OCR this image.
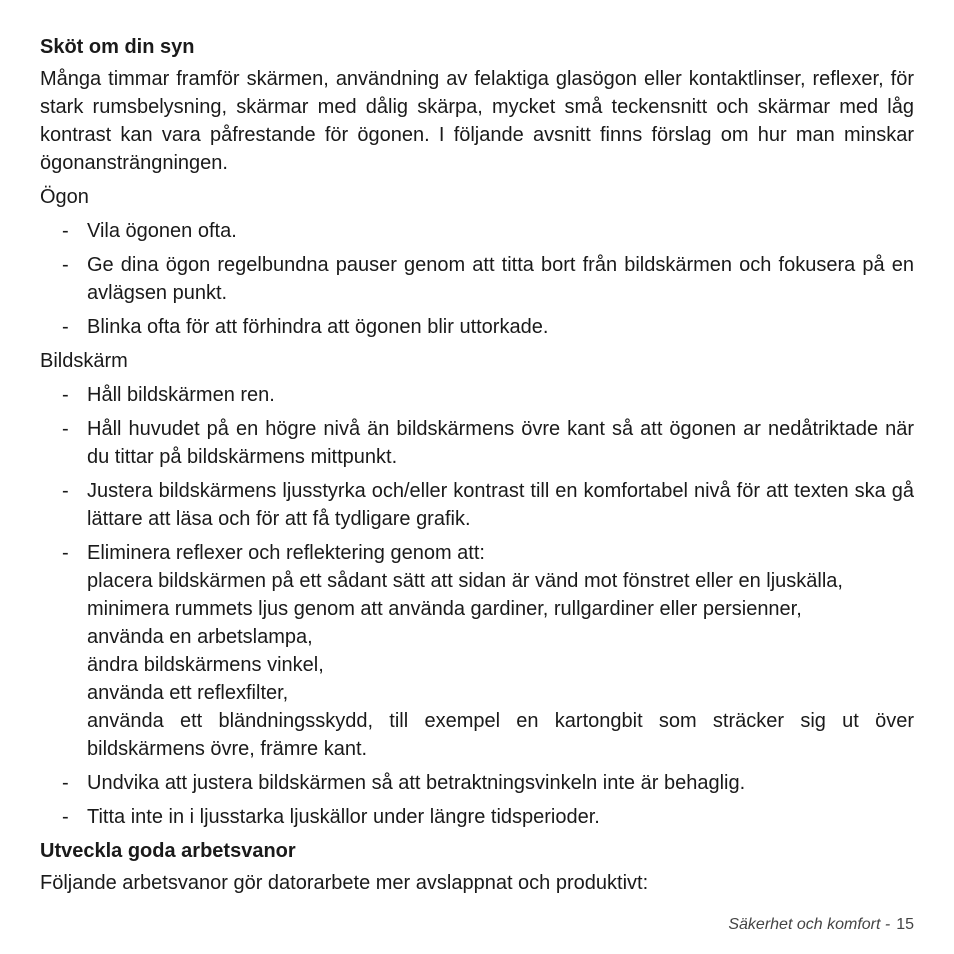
Sköt om din syn

Många timmar framför skärmen, användning av felaktiga glasögon eller kontaktlinser, reflexer, för stark rumsbelysning, skärmar med dålig skärpa, mycket små teckensnitt och skärmar med låg kontrast kan vara påfrestande för ögonen. I följande avsnitt finns förslag om hur man minskar ögonansträngningen.

Ögon

- Vila ögonen ofta.
- Ge dina ögon regelbundna pauser genom att titta bort från bildskärmen och fokusera på en avlägsen punkt.
- Blinka ofta för att förhindra att ögonen blir uttorkade.

Bildskärm

- Håll bildskärmen ren.
- Håll huvudet på en högre nivå än bildskärmens övre kant så att ögonen ar nedåtriktade när du tittar på bildskärmens mittpunkt.
- Justera bildskärmens ljusstyrka och/eller kontrast till en komfortabel nivå för att texten ska gå lättare att läsa och för att få tydligare grafik.
- Eliminera reflexer och reflektering genom att:
placera bildskärmen på ett sådant sätt att sidan är vänd mot fönstret eller en ljuskälla,
minimera rummets ljus genom att använda gardiner, rullgardiner eller persienner,
använda en arbetslampa,
ändra bildskärmens vinkel,
använda ett reflexfilter,
använda ett bländningsskydd, till exempel en kartongbit som sträcker sig ut över bildskärmens övre, främre kant.
- Undvika att justera bildskärmen så att betraktningsvinkeln inte är behaglig.
- Titta inte in i ljusstarka ljuskällor under längre tidsperioder.
Utveckla goda arbetsvanor

Följande arbetsvanor gör datorarbete mer avslappnat och produktivt:

Säkerhet och komfort - 15
